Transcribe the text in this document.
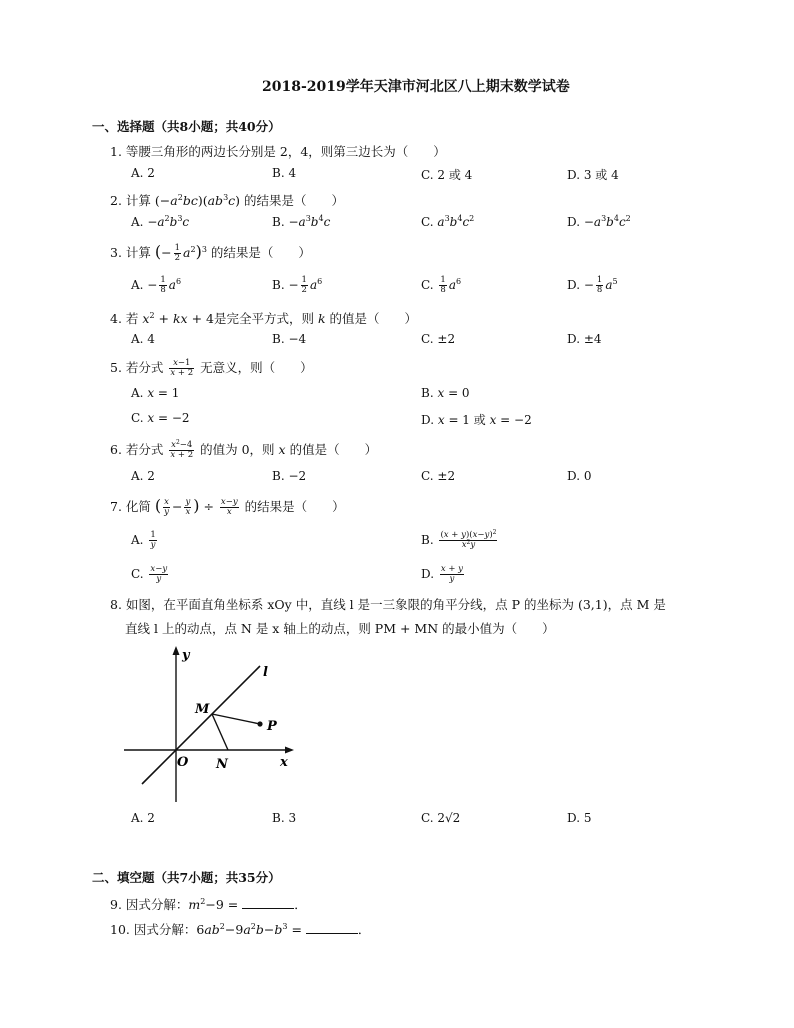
2018-2019学年天津市河北区八上期末数学试卷
一、选择题（共8小题；共40分）
1. 等腰三角形的两边长分别是 2，4，则第三边长为（　　）
A. 2	B. 4	C. 2 或 4	D. 3 或 4
2. 计算 $(-a^2bc)(ab^3c)$ 的结果是（　　）
A. $-a^2b^3c$	B. $-a^3b^4c$	C. $a^3b^4c^2$	D. $-a^3b^4c^2$
3. 计算 (− $\frac{1}{2} a^2)^3$ 的结果是（　　）
A. − $\frac{1}{8} a^6$	B. − $\frac{1}{2} a^6$	C. $\frac{1}{8} a^6$	D. − $\frac{1}{8} a^5$
4. 若 $x^2$ + kx + 4是完全平方式，则 k 的值是（　　）
A. 4	B. −4	C. ±2	D. ±4
5. 若分式 $\frac{x-1}{x + 2}$ 无意义，则（　　）
A. x = 1	B. x = 0
C. x = −2	D. x = 1 或 x = −2
6. 若分式 $\frac{x^2-4}{x + 2}$ 的值为 0，则 x 的值是（　　）
A. 2	B. −2	C. ±2	D. 0
7. 化简 ( $\frac{x}{y} - \frac{y}{x}$ ) ÷ $\frac{x-y}{x}$ 的结果是（　　）
A. $\frac{1}{y}$	B. $\frac{(x + y)(x-y)^2}{x^2y}$
C. $\frac{x-y}{y}$	D. $\frac{x + y}{y}$
8. 如图，在平面直角坐标系 xOy 中，直线 l 是一三象限的角平分线，点 P 的坐标为 (3,1)，点 M 是
直线 l 上的动点，点 N 是 x 轴上的动点，则 PM + MN 的最小值为（　　）
y
l
M
P
O N	x
A. 2	B. 3	C. 2√2	D. 5
二、填空题（共7小题；共35分）
9. 因式分解：$m^2-9$ =	．
10. 因式分解：$6ab^2-9a^2b-b^3$ =	．
